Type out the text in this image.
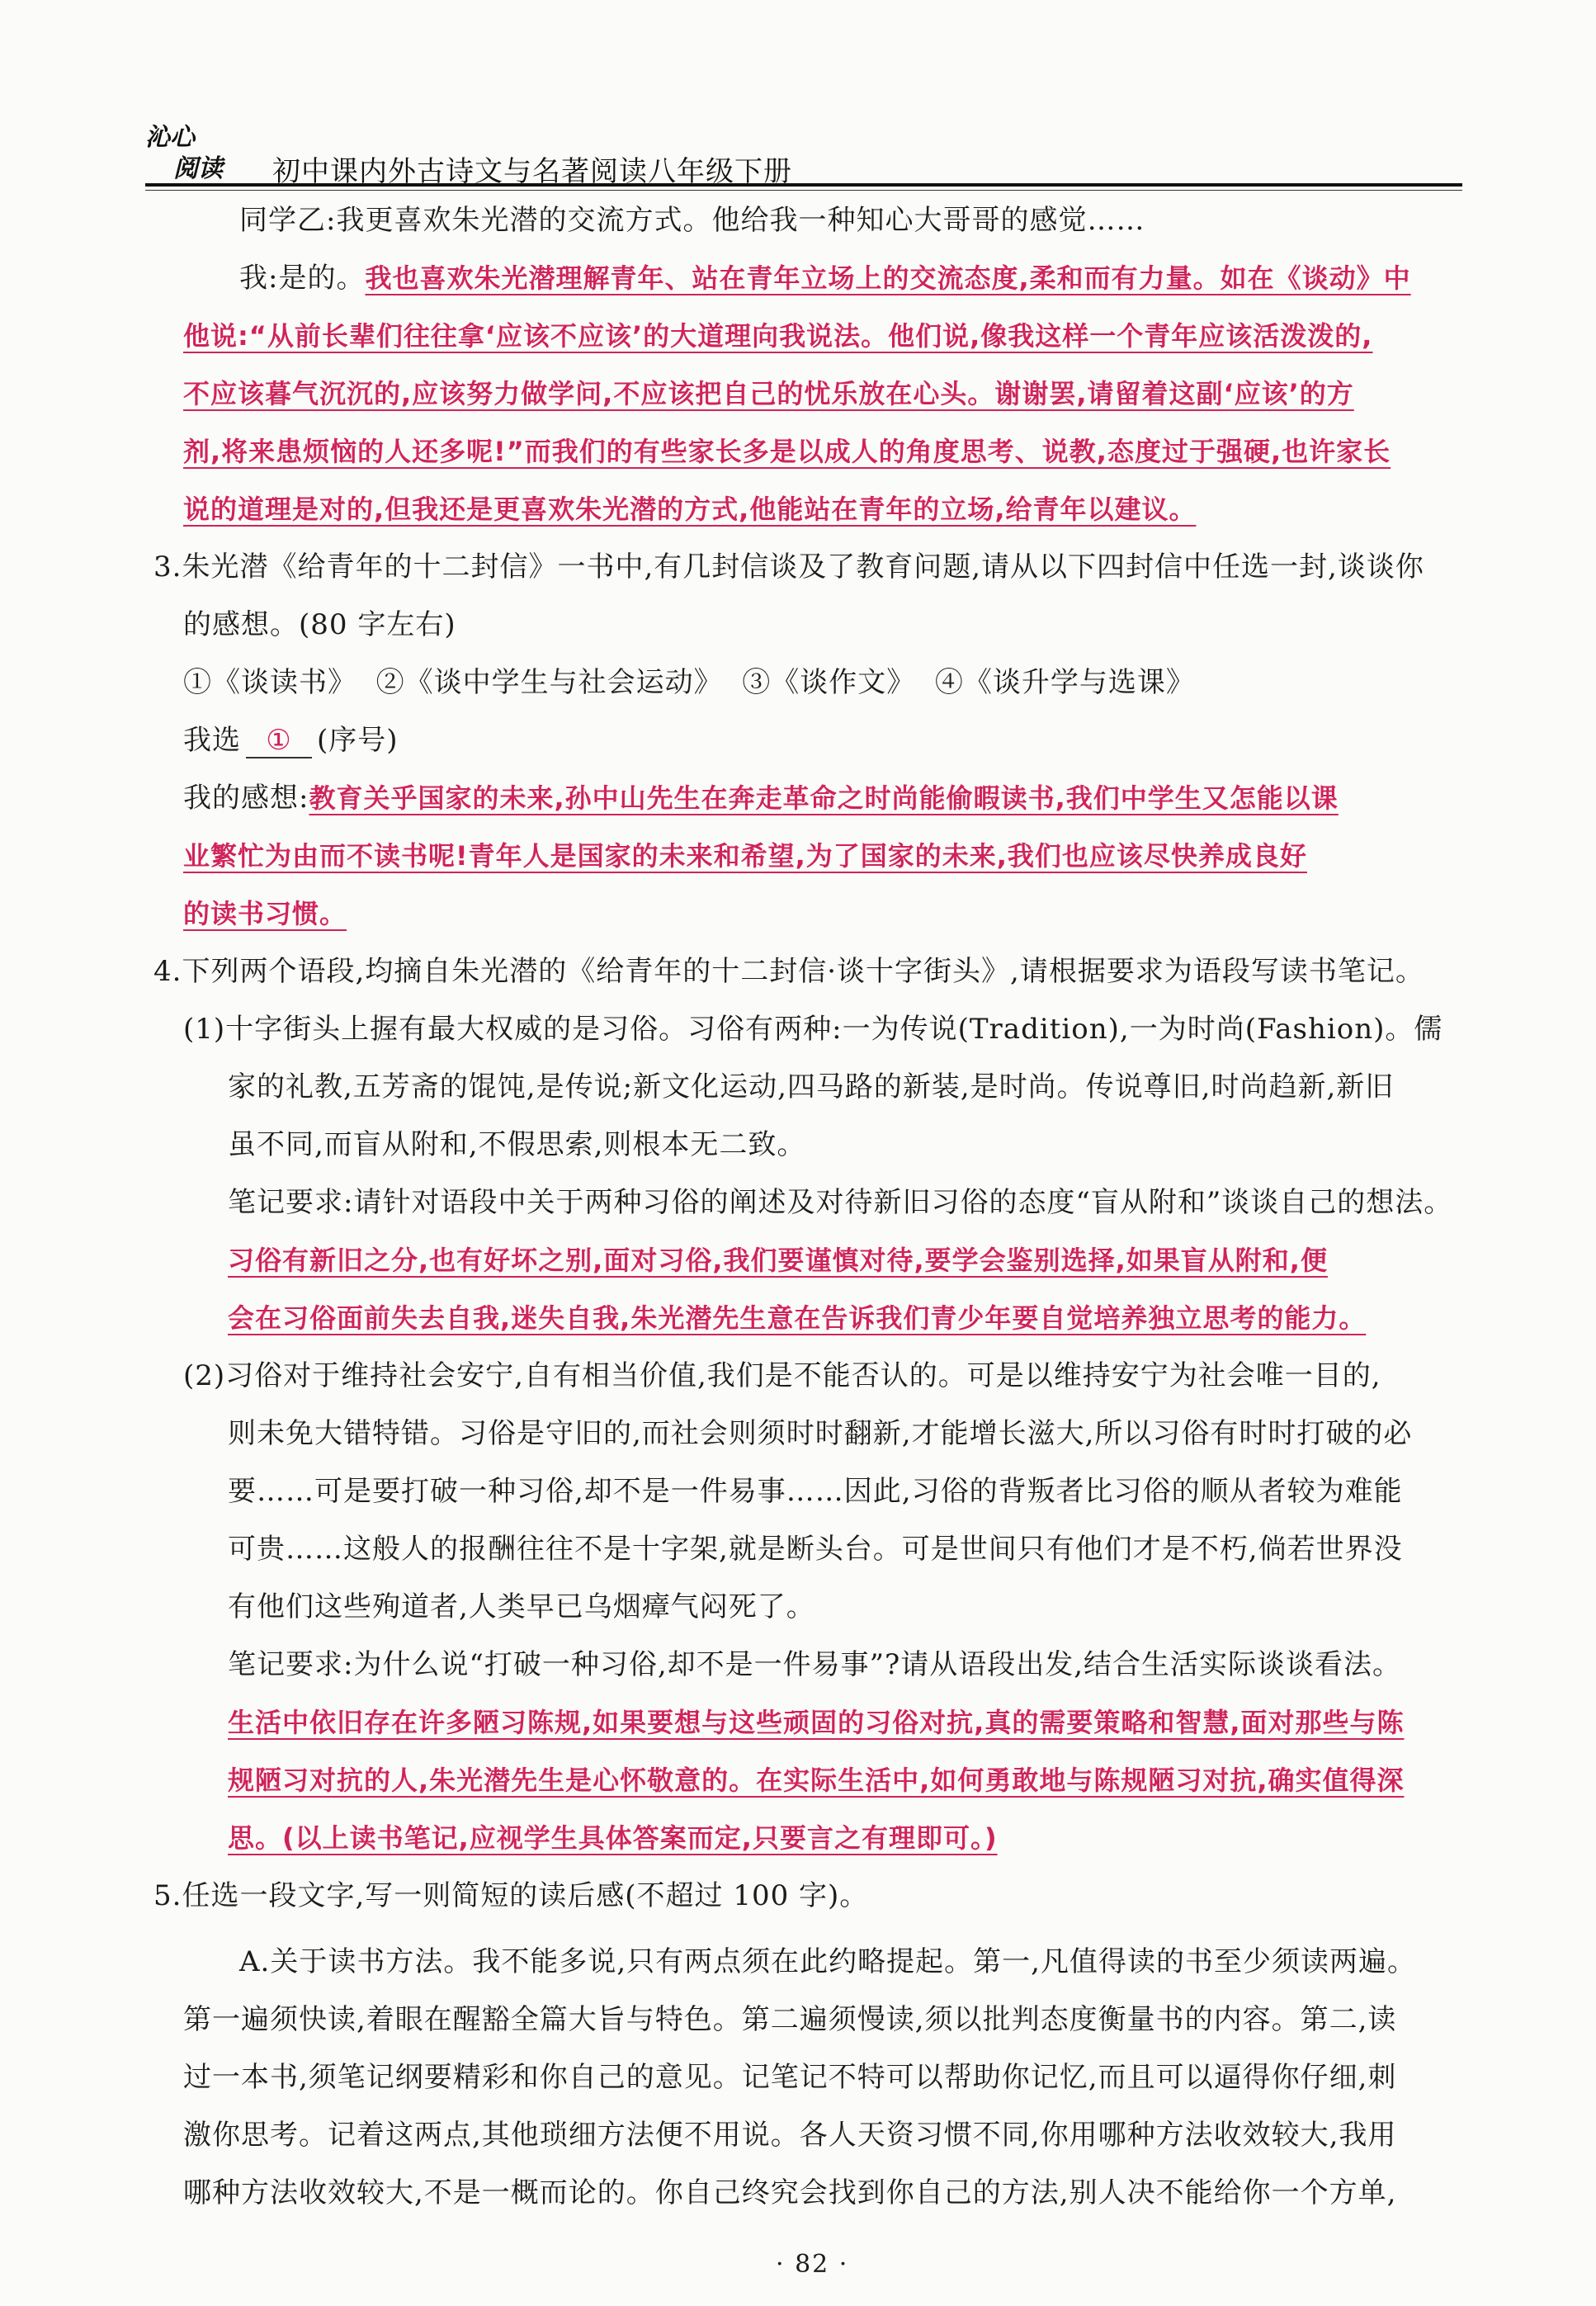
沁心
阅读 初中课内外古诗文与名著阅读八年级下册
同学乙:我更喜欢朱光潜的交流方式。他给我一种知心大哥哥的感觉……
我:是的。我也喜欢朱光潜理解青年、站在青年立场上的交流态度,柔和而有力量。如在《谈动》中
他说:“从前长辈们往往拿‘应该不应该’的大道理向我说法。他们说,像我这样一个青年应该活泼泼的,
不应该暮气沉沉的,应该努力做学问,不应该把自己的忧乐放在心头。谢谢罢,请留着这副‘应该’的方
剂,将来患烦恼的人还多呢!”而我们的有些家长多是以成人的角度思考、说教,态度过于强硬,也许家长
说的道理是对的,但我还是更喜欢朱光潜的方式,他能站在青年的立场,给青年以建议。
3.朱光潜《给青年的十二封信》一书中,有几封信谈及了教育问题,请从以下四封信中任选一封,谈谈你
的感想。(80 字左右)
①《谈读书》  ②《谈中学生与社会运动》  ③《谈作文》  ④《谈升学与选课》
我选 ① (序号)
我的感想:教育关乎国家的未来,孙中山先生在奔走革命之时尚能偷暇读书,我们中学生又怎能以课
业繁忙为由而不读书呢!青年人是国家的未来和希望,为了国家的未来,我们也应该尽快养成良好
的读书习惯。
4.下列两个语段,均摘自朱光潜的《给青年的十二封信·谈十字街头》,请根据要求为语段写读书笔记。
(1)十字街头上握有最大权威的是习俗。习俗有两种:一为传说(Tradition),一为时尚(Fashion)。儒
家的礼教,五芳斋的馄饨,是传说;新文化运动,四马路的新装,是时尚。传说尊旧,时尚趋新,新旧
虽不同,而盲从附和,不假思索,则根本无二致。
笔记要求:请针对语段中关于两种习俗的阐述及对待新旧习俗的态度“盲从附和”谈谈自己的想法。
习俗有新旧之分,也有好坏之别,面对习俗,我们要谨慎对待,要学会鉴别选择,如果盲从附和,便
会在习俗面前失去自我,迷失自我,朱光潜先生意在告诉我们青少年要自觉培养独立思考的能力。
(2)习俗对于维持社会安宁,自有相当价值,我们是不能否认的。可是以维持安宁为社会唯一目的,
则未免大错特错。习俗是守旧的,而社会则须时时翻新,才能增长滋大,所以习俗有时时打破的必
要……可是要打破一种习俗,却不是一件易事……因此,习俗的背叛者比习俗的顺从者较为难能
可贵……这般人的报酬往往不是十字架,就是断头台。可是世间只有他们才是不朽,倘若世界没
有他们这些殉道者,人类早已乌烟瘴气闷死了。
笔记要求:为什么说“打破一种习俗,却不是一件易事”?请从语段出发,结合生活实际谈谈看法。
生活中依旧存在许多陋习陈规,如果要想与这些顽固的习俗对抗,真的需要策略和智慧,面对那些与陈
规陋习对抗的人,朱光潜先生是心怀敬意的。在实际生活中,如何勇敢地与陈规陋习对抗,确实值得深
思。(以上读书笔记,应视学生具体答案而定,只要言之有理即可。)
5.任选一段文字,写一则简短的读后感(不超过 100 字)。
A.关于读书方法。我不能多说,只有两点须在此约略提起。第一,凡值得读的书至少须读两遍。
第一遍须快读,着眼在醒豁全篇大旨与特色。第二遍须慢读,须以批判态度衡量书的内容。第二,读
过一本书,须笔记纲要精彩和你自己的意见。记笔记不特可以帮助你记忆,而且可以逼得你仔细,刺
激你思考。记着这两点,其他琐细方法便不用说。各人天资习惯不同,你用哪种方法收效较大,我用
哪种方法收效较大,不是一概而论的。你自己终究会找到你自己的方法,别人决不能给你一个方单,
· 82 ·
